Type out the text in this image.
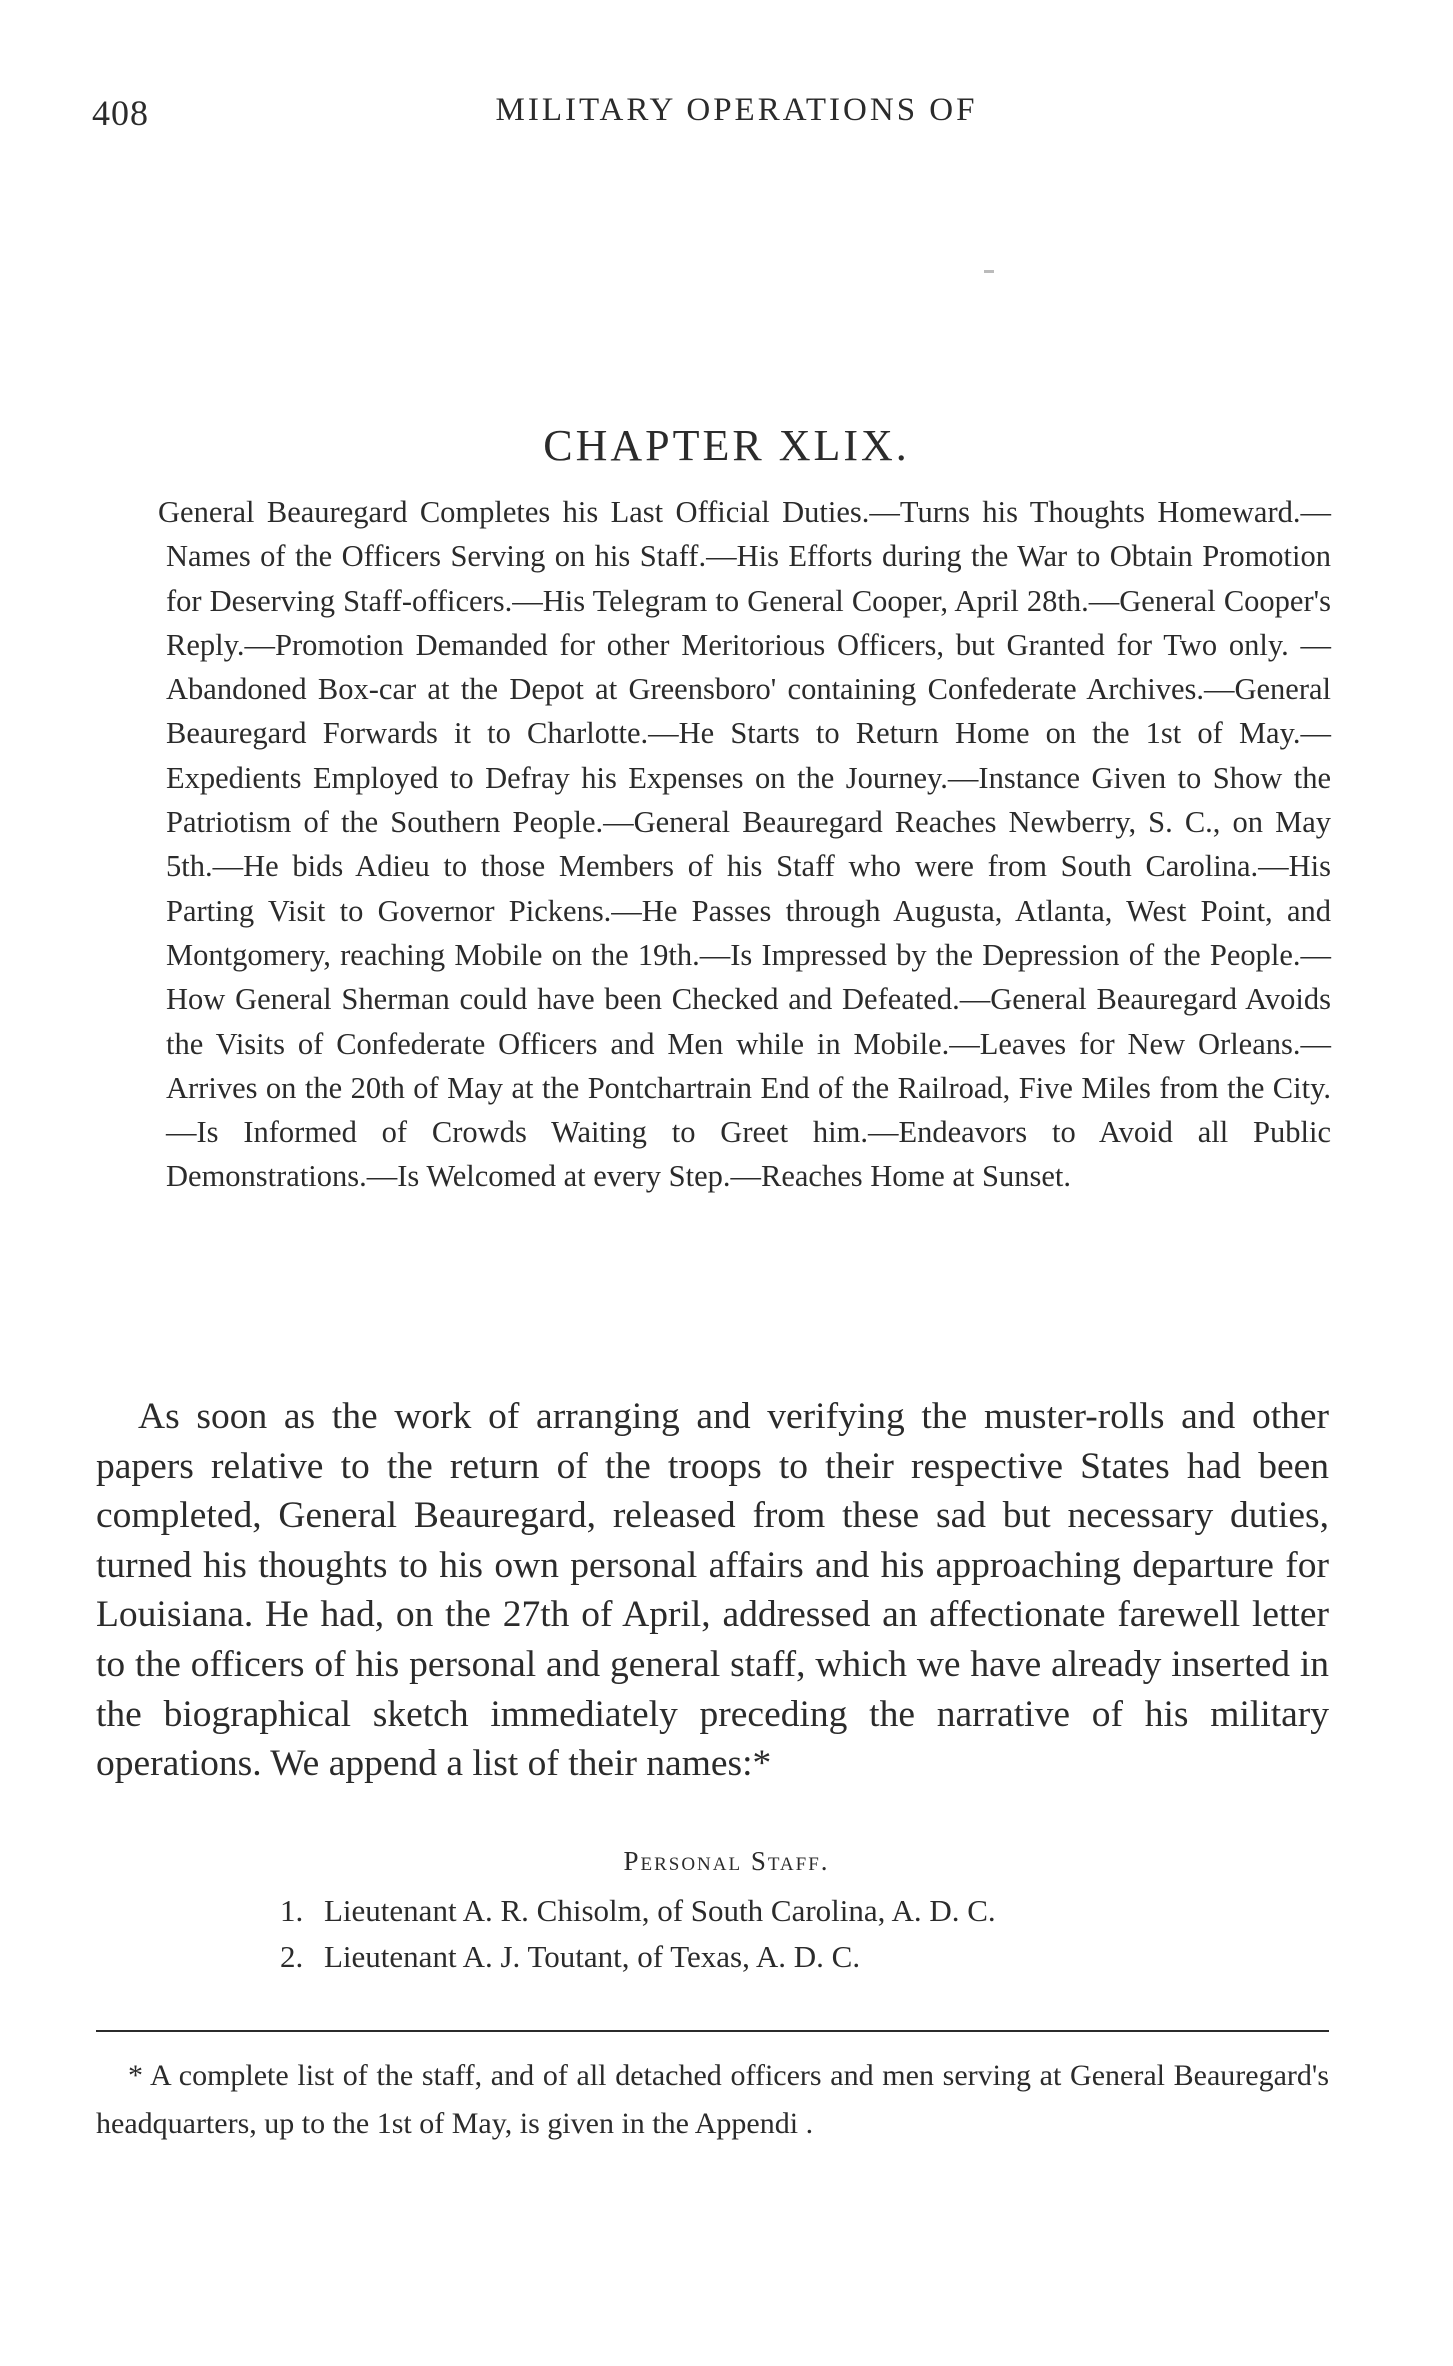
408	MILITARY OPERATIONS OF
CHAPTER XLIX.

General Beauregard Completes his Last Official Duties.—Turns his Thoughts Homeward.—Names of the Officers Serving on his Staff.—His Efforts during the War to Obtain Promotion for Deserving Staff-officers.—His Telegram to General Cooper, April 28th.—General Cooper's Reply.—Promotion Demanded for other Meritorious Officers, but Granted for Two only. —Abandoned Box-car at the Depot at Greensboro' containing Confederate Archives.—General Beauregard Forwards it to Charlotte.—He Starts to Return Home on the 1st of May.—Expedients Employed to Defray his Expenses on the Journey.—Instance Given to Show the Patriotism of the Southern People.—General Beauregard Reaches Newberry, S. C., on May 5th.—He bids Adieu to those Members of his Staff who were from South Carolina.—His Parting Visit to Governor Pickens.—He Passes through Augusta, Atlanta, West Point, and Montgomery, reaching Mobile on the 19th.—Is Impressed by the Depression of the People.—How General Sherman could have been Checked and Defeated.—General Beauregard Avoids the Visits of Confederate Officers and Men while in Mobile.—Leaves for New Orleans.—Arrives on the 20th of May at the Pontchartrain End of the Railroad, Five Miles from the City.—Is Informed of Crowds Waiting to Greet him.—Endeavors to Avoid all Public Demonstrations.—Is Welcomed at every Step.—Reaches Home at Sunset.

As soon as the work of arranging and verifying the muster-rolls and other papers relative to the return of the troops to their respective States had been completed, General Beauregard, released from these sad but necessary duties, turned his thoughts to his own personal affairs and his approaching departure for Louisiana. He had, on the 27th of April, addressed an affectionate farewell letter to the officers of his personal and general staff, which we have already inserted in the biographical sketch immediately preceding the narrative of his military operations. We append a list of their names:*

Personal Staff.
1. Lieutenant A. R. Chisolm, of South Carolina, A. D. C.
2. Lieutenant A. J. Toutant, of Texas, A. D. C.

* A complete list of the staff, and of all detached officers and men serving at General Beauregard's headquarters, up to the 1st of May, is given in the Appendi .
